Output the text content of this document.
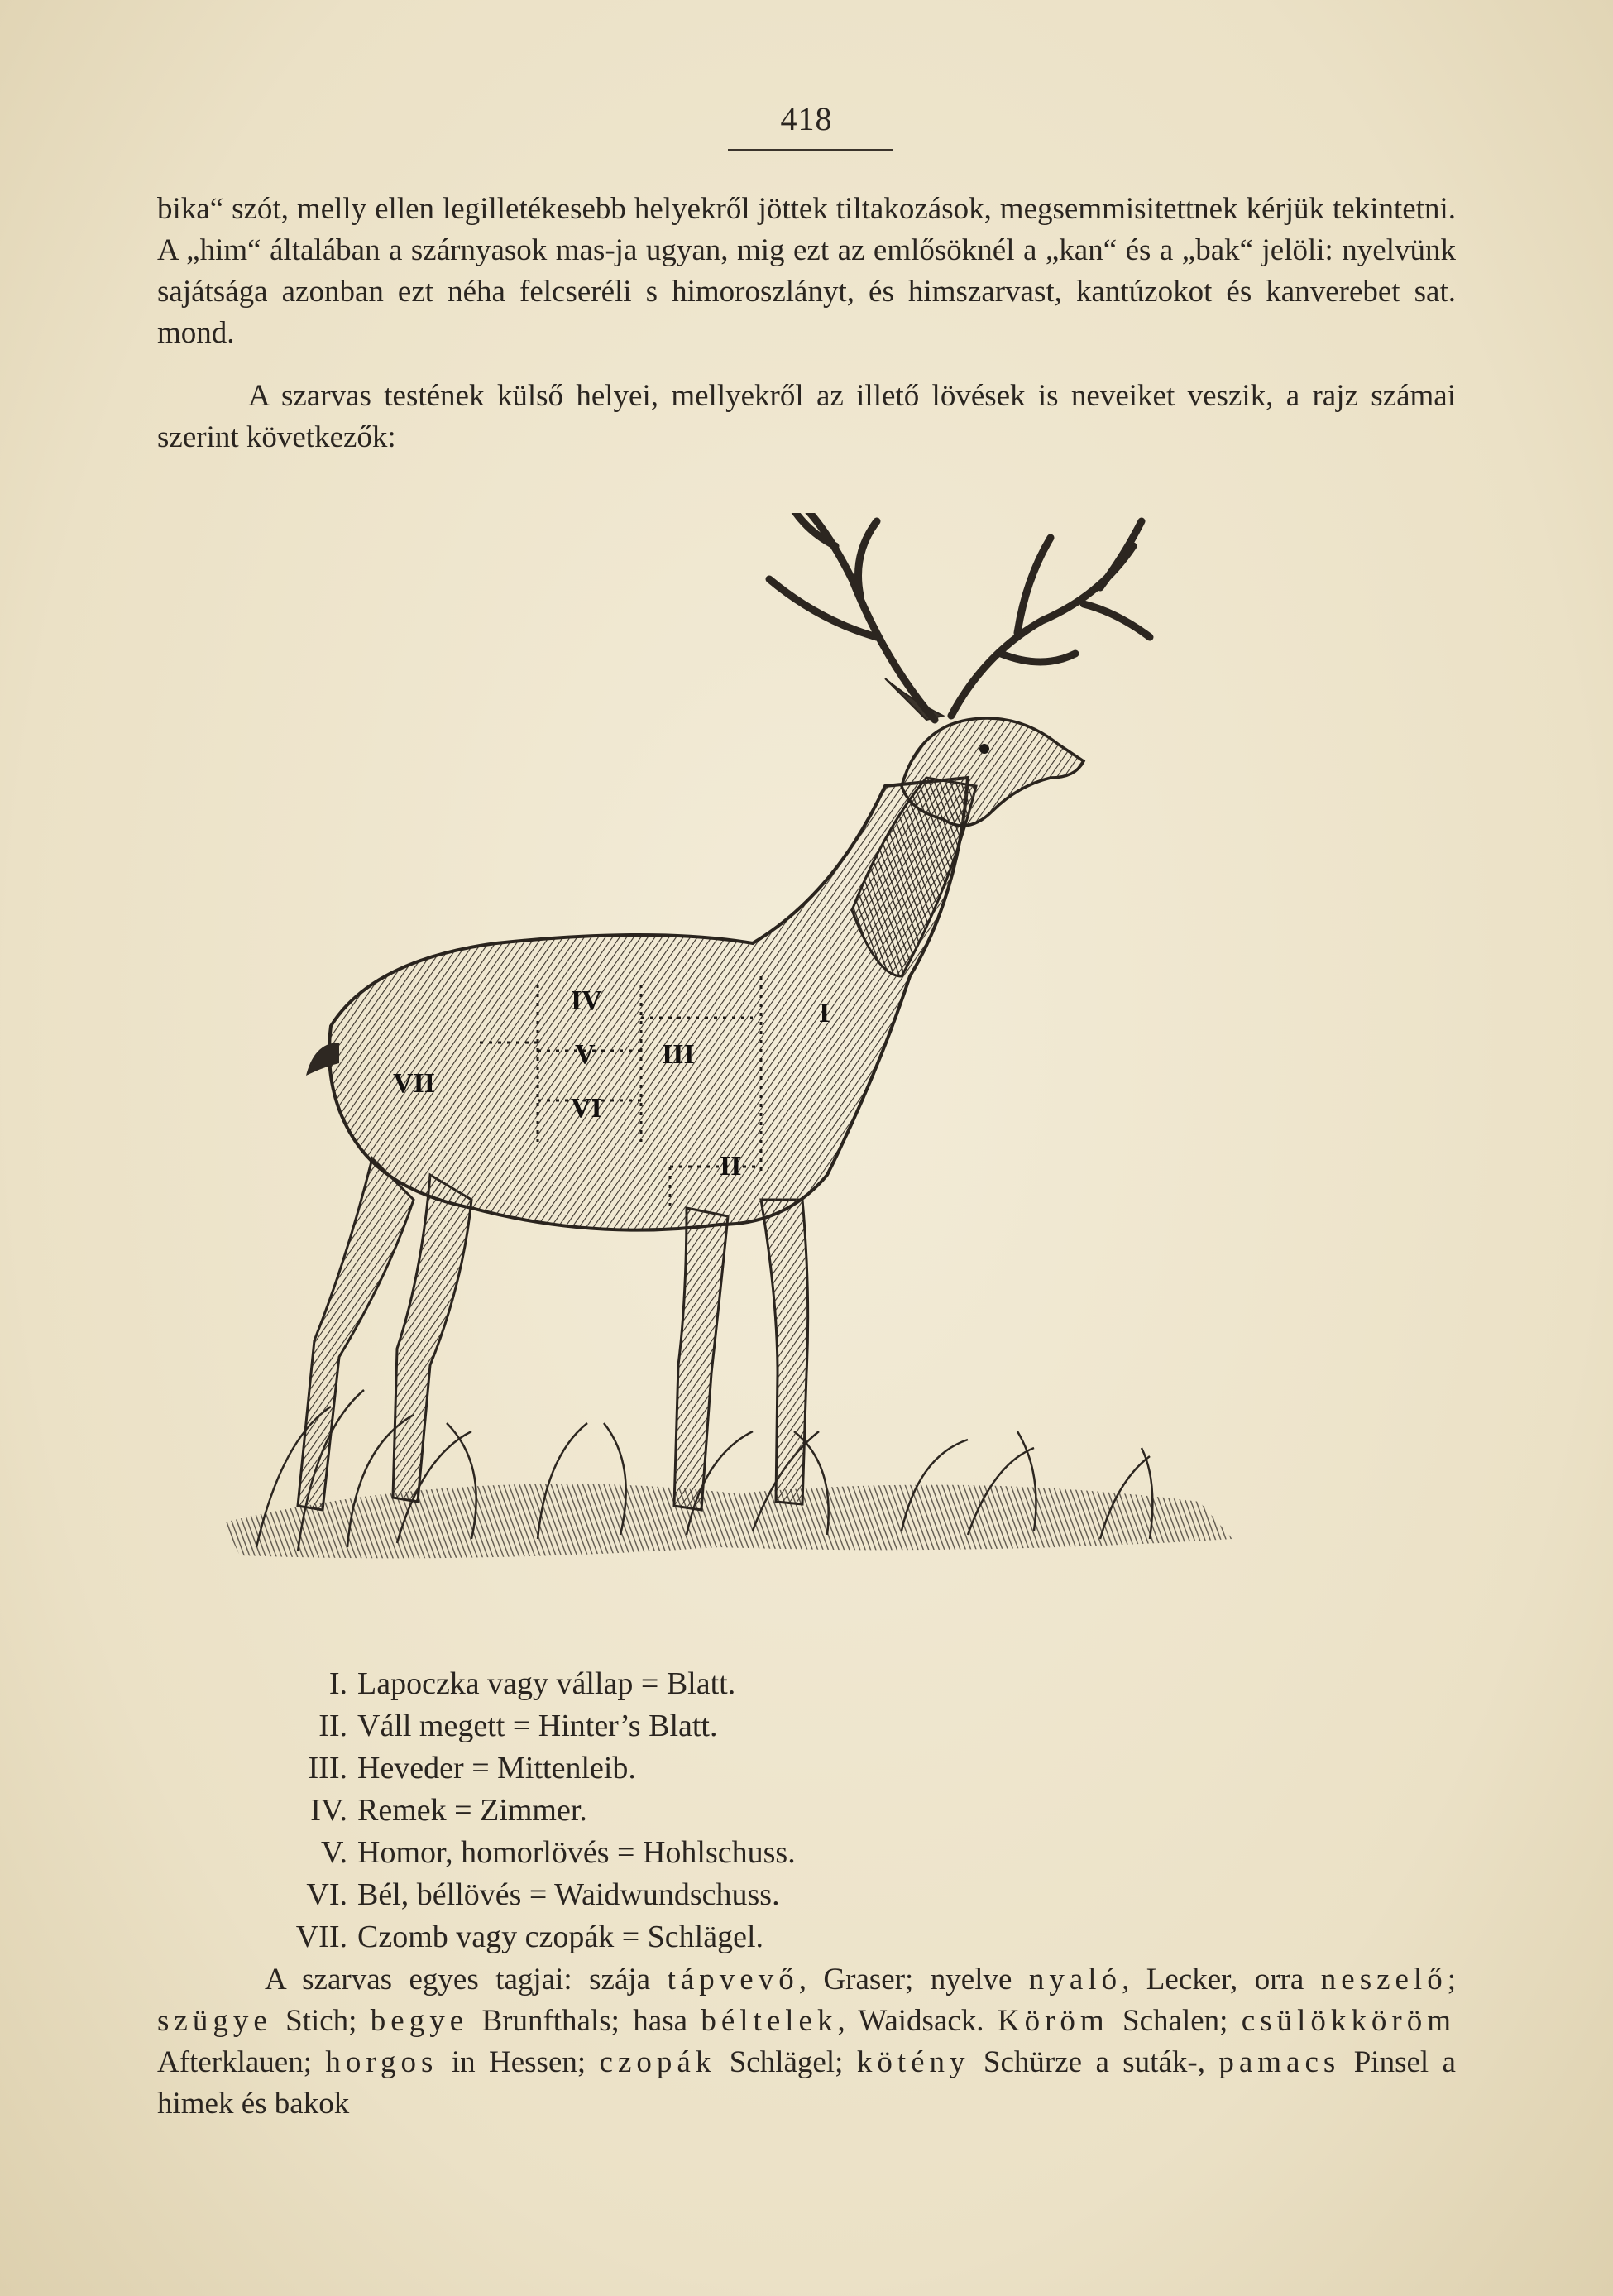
418

bika“ szót, melly ellen legilletékesebb helyekről jöttek tiltakozások, megsemmisitettnek kérjük tekintetni. A „him“ általában a szárnyasok mas-ja ugyan, mig ezt az emlősöknél a „kan“ és a „bak“ jelöli: nyelvünk sajátsága azonban ezt néha felcseréli s himoroszlányt, és himszarvast, kantúzokot és kanverebet sat. mond.

A szarvas testének külső helyei, mellyekről az illető lövések is neveiket veszik, a rajz számai szerint következők:

I
II
III
IV
V
VI
VII
I. Lapoczka vagy vállap = Blatt.
II. Váll megett = Hinter’s Blatt.
III. Heveder = Mittenleib.
IV. Remek = Zimmer.
V. Homor, homorlövés = Hohlschuss.
VI. Bél, béllövés = Waidwundschuss.
VII. Czomb vagy czopák = Schlägel.

A szarvas egyes tagjai: szája tápvevő, Graser; nyelve nyaló, Lecker, orra neszelő; szügye Stich; begye Brunfthals; hasa béltelek, Waidsack. Köröm Schalen; csülökköröm Afterklauen; horgos in Hessen; czopák Schlägel; kötény Schürze a suták-, pamacs Pinsel a himek és bakok
